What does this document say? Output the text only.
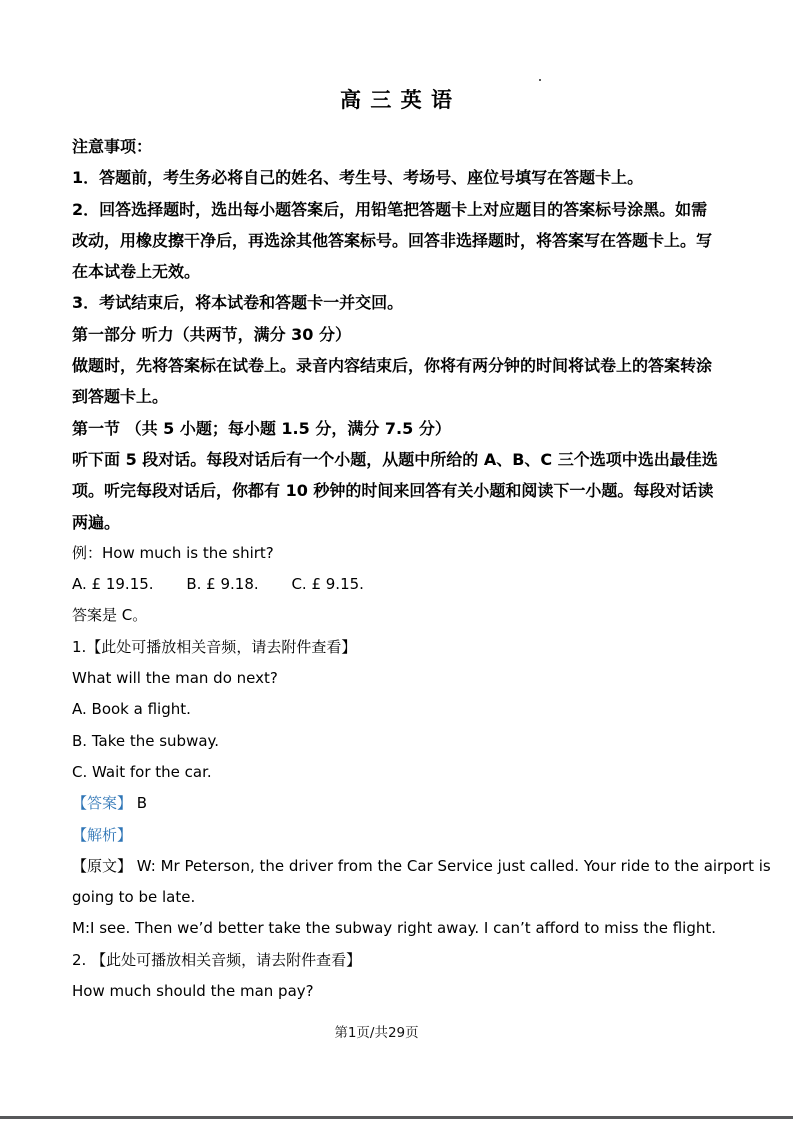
高 三 英 语

注意事项：

1．答题前，考生务必将自己的姓名、考生号、考场号、座位号填写在答题卡上。

2．回答选择题时，选出每小题答案后，用铅笔把答题卡上对应题目的答案标号涂黑。如需

改动，用橡皮擦干净后，再选涂其他答案标号。回答非选择题时，将答案写在答题卡上。写

在本试卷上无效。

3．考试结束后，将本试卷和答题卡一并交回。

第一部分 听力（共两节，满分 30 分）

做题时，先将答案标在试卷上。录音内容结束后，你将有两分钟的时间将试卷上的答案转涂

到答题卡上。

第一节 （共 5 小题；每小题 1.5 分，满分 7.5 分）

听下面 5 段对话。每段对话后有一个小题，从题中所给的 A、B、C 三个选项中选出最佳选

项。听完每段对话后，你都有 10 秒钟的时间来回答有关小题和阅读下一小题。每段对话读

两遍。

例：How much is the shirt?

A. £ 19.15. B. £ 9.18. C. £ 9.15.

答案是 C。

1.【此处可播放相关音频，请去附件查看】

What will the man do next?

A. Book a flight.

B. Take the subway.

C. Wait for the car.

【答案】 B

【解析】

【原文】 W: Mr Peterson, the driver from the Car Service just called. Your ride to the airport is

going to be late.

M:I see. Then we’d better take the subway right away. I can’t afford to miss the flight.

2. 【此处可播放相关音频，请去附件查看】

How much should the man pay?

第1页/共29页
